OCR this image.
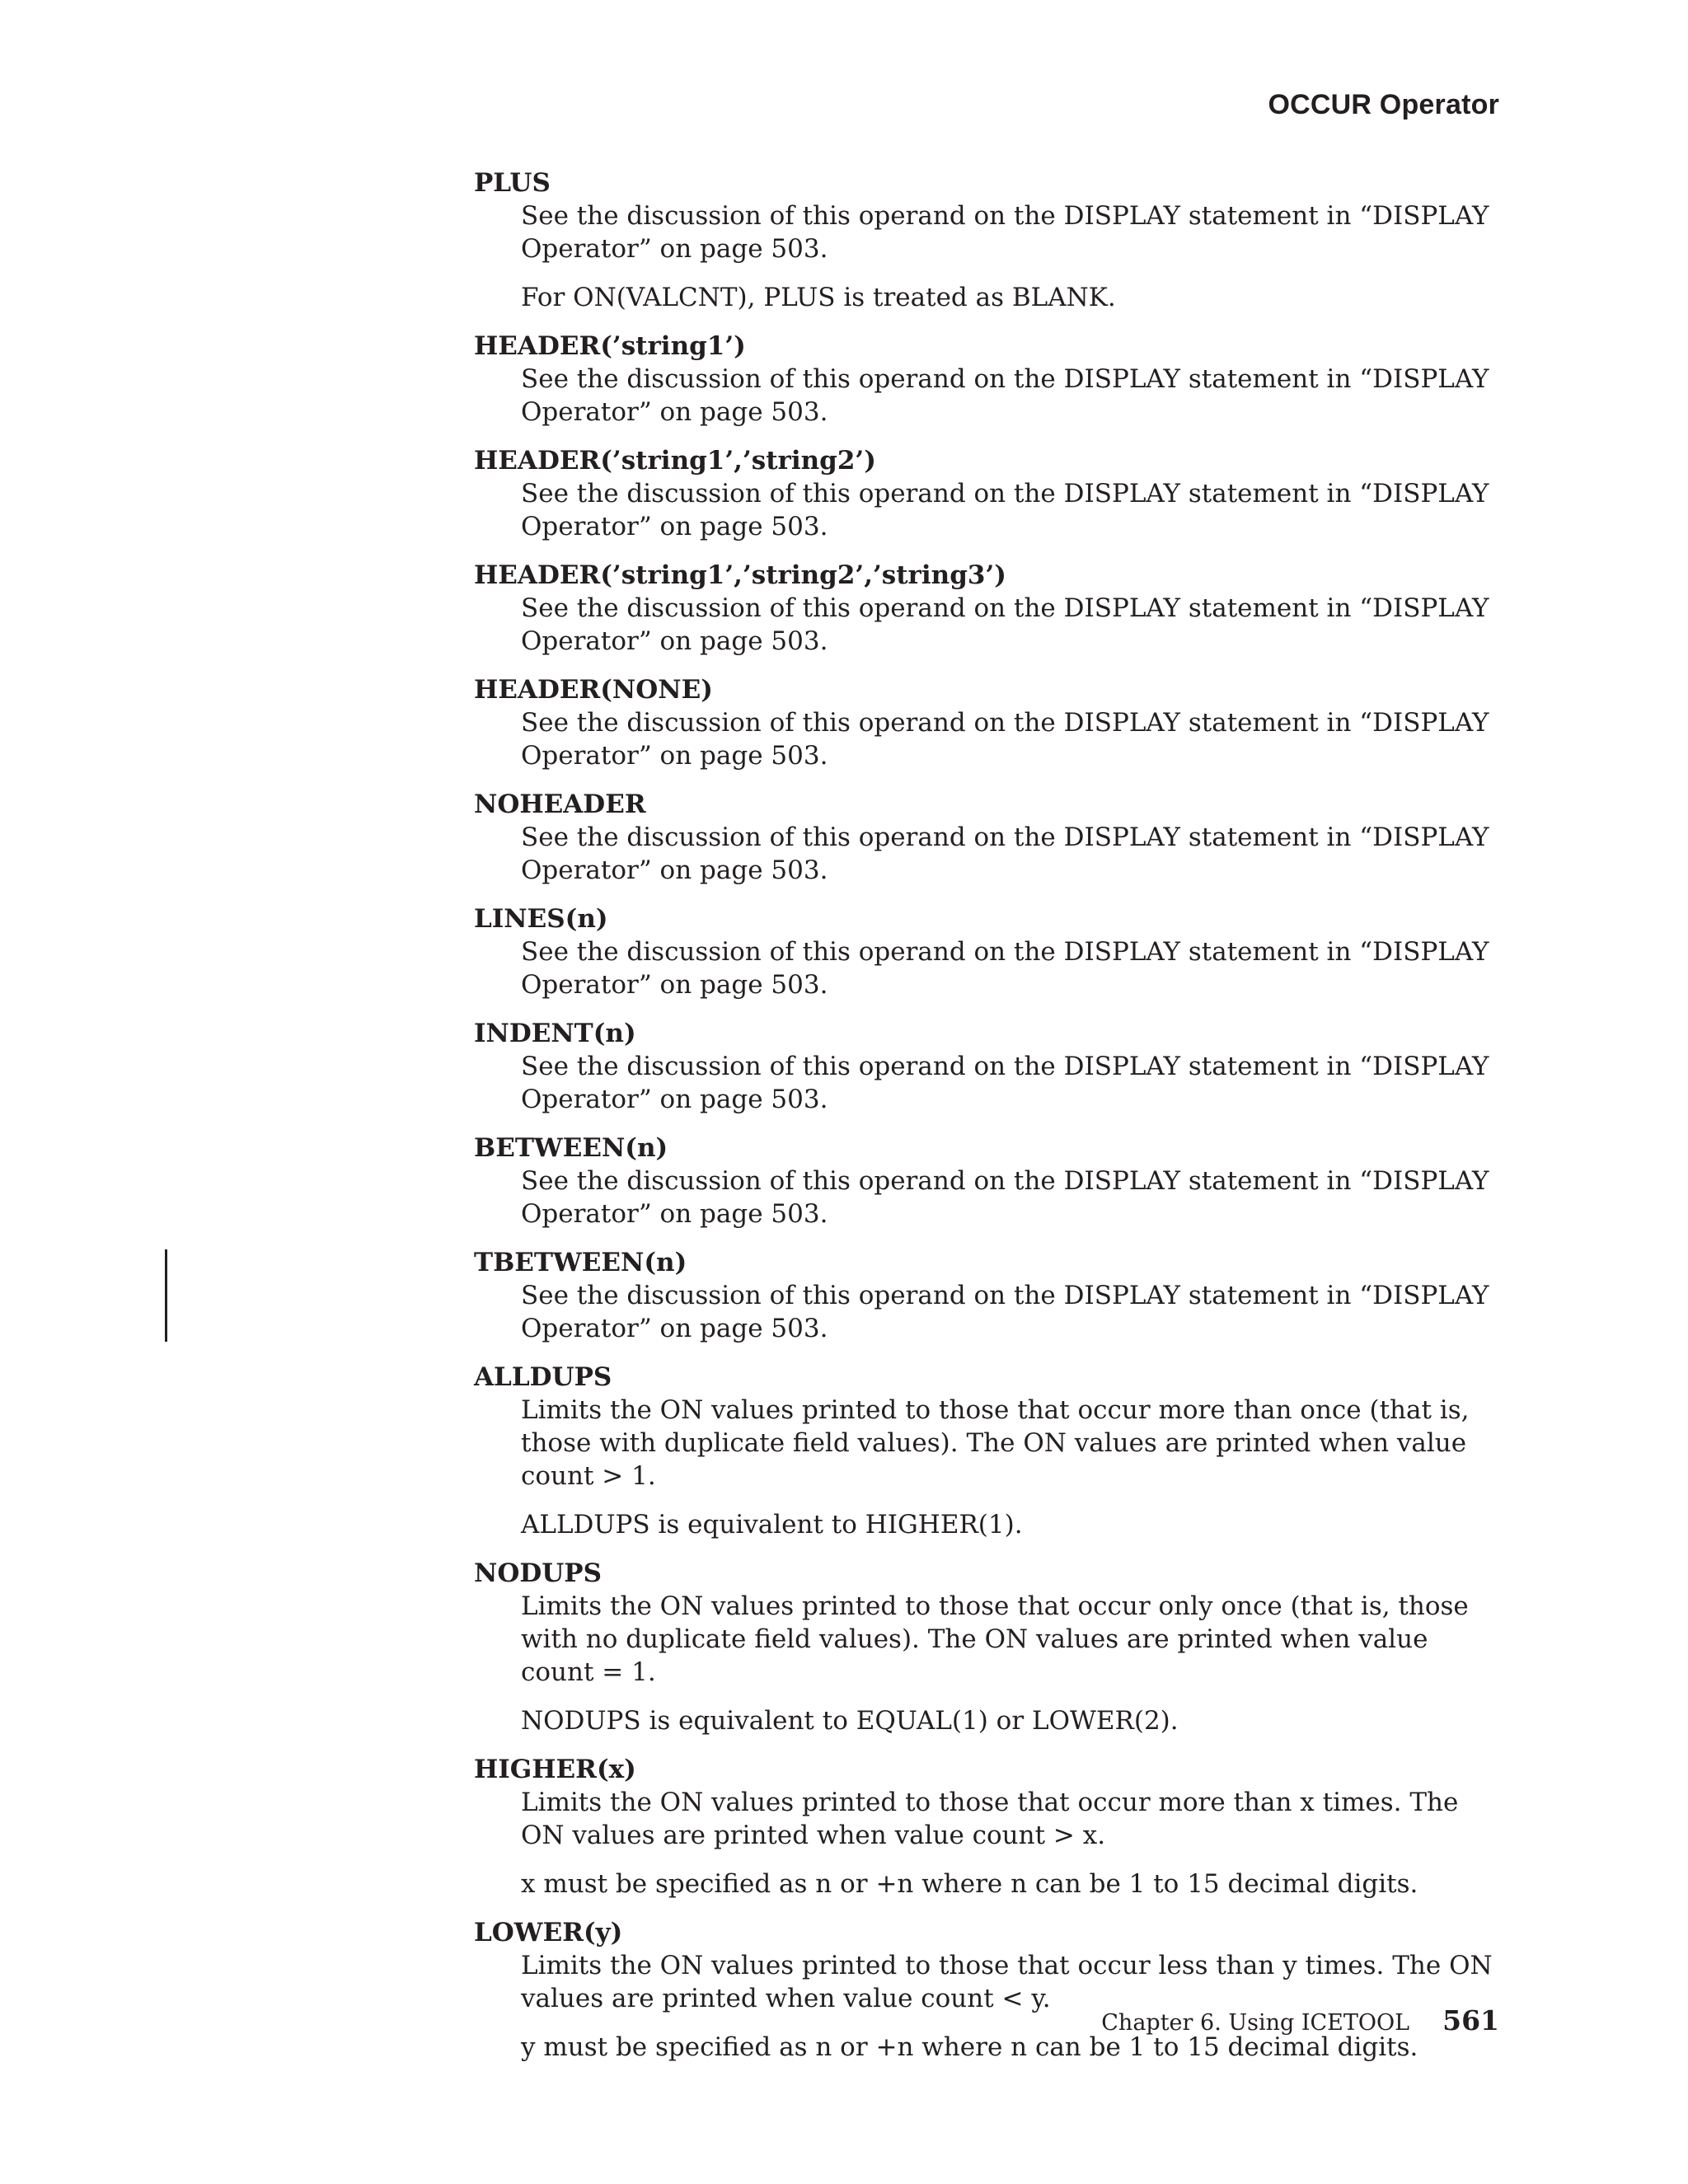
OCCUR Operator
PLUS

See the discussion of this operand on the DISPLAY statement in “DISPLAY Operator” on page 503.

For ON(VALCNT), PLUS is treated as BLANK.

HEADER(’string1’)

See the discussion of this operand on the DISPLAY statement in “DISPLAY Operator” on page 503.

HEADER(’string1’,’string2’)

See the discussion of this operand on the DISPLAY statement in “DISPLAY Operator” on page 503.

HEADER(’string1’,’string2’,’string3’)

See the discussion of this operand on the DISPLAY statement in “DISPLAY Operator” on page 503.

HEADER(NONE)

See the discussion of this operand on the DISPLAY statement in “DISPLAY Operator” on page 503.

NOHEADER

See the discussion of this operand on the DISPLAY statement in “DISPLAY Operator” on page 503.

LINES(n)

See the discussion of this operand on the DISPLAY statement in “DISPLAY Operator” on page 503.

INDENT(n)

See the discussion of this operand on the DISPLAY statement in “DISPLAY Operator” on page 503.

BETWEEN(n)

See the discussion of this operand on the DISPLAY statement in “DISPLAY Operator” on page 503.

TBETWEEN(n)

See the discussion of this operand on the DISPLAY statement in “DISPLAY Operator” on page 503.

ALLDUPS

Limits the ON values printed to those that occur more than once (that is, those with duplicate field values). The ON values are printed when value count > 1.

ALLDUPS is equivalent to HIGHER(1).

NODUPS

Limits the ON values printed to those that occur only once (that is, those with no duplicate field values). The ON values are printed when value count = 1.

NODUPS is equivalent to EQUAL(1) or LOWER(2).

HIGHER(x)

Limits the ON values printed to those that occur more than x times. The ON values are printed when value count > x.

x must be specified as n or +n where n can be 1 to 15 decimal digits.

LOWER(y)

Limits the ON values printed to those that occur less than y times. The ON values are printed when value count < y.

y must be specified as n or +n where n can be 1 to 15 decimal digits.

Chapter 6. Using ICETOOL 561
